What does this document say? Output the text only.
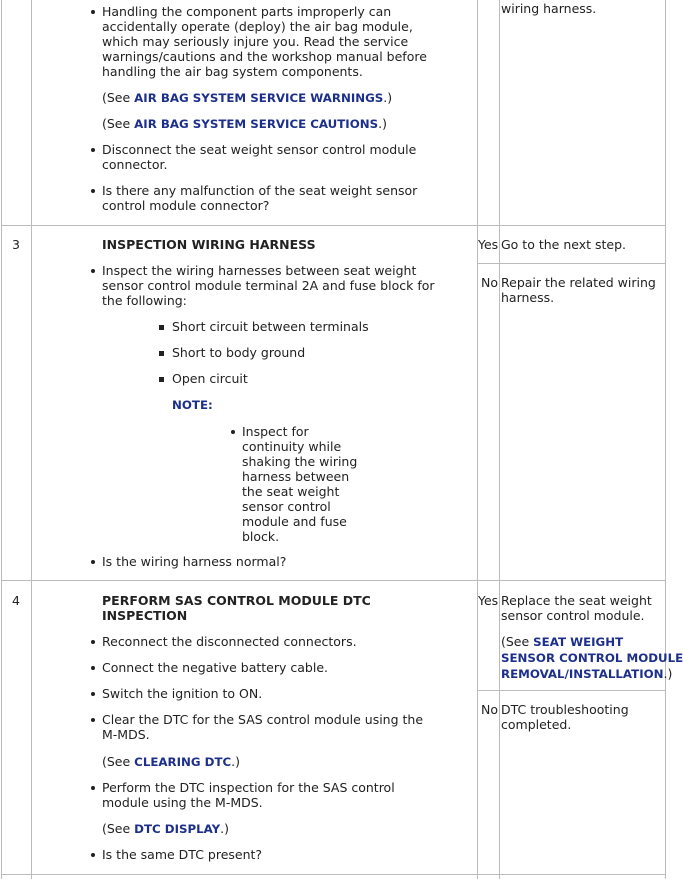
Handling the component parts improperly can
accidentally operate (deploy) the air bag module,
which may seriously injure you. Read the service
warnings/cautions and the workshop manual before
handling the air bag system components.
(See AIR BAG SYSTEM SERVICE WARNINGS.)
(See AIR BAG SYSTEM SERVICE CAUTIONS.)
Disconnect the seat weight sensor control module
connector.
Is there any malfunction of the seat weight sensor
control module connector?
wiring harness.
3	INSPECTION WIRING HARNESS
Inspect the wiring harnesses between seat weight
sensor control module terminal 2A and fuse block for
the following:
Short circuit between terminals
Short to body ground
Open circuit
NOTE:
Inspect for
continuity while
shaking the wiring
harness between
the seat weight
sensor control
module and fuse
block.
Is the wiring harness normal?
Yes Go to the next step.
No Repair the related wiring
harness.
4	PERFORM SAS CONTROL MODULE DTC
INSPECTION
Reconnect the disconnected connectors.
Connect the negative battery cable.
Switch the ignition to ON.
Clear the DTC for the SAS control module using the
M-MDS.
(See CLEARING DTC.)
Perform the DTC inspection for the SAS control
module using the M-MDS.
(See DTC DISPLAY.)
Is the same DTC present?
Yes Replace the seat weight
sensor control module.
(See SEAT WEIGHT
SENSOR CONTROL MODULE
REMOVAL/INSTALLATION.)
No DTC troubleshooting
completed.
